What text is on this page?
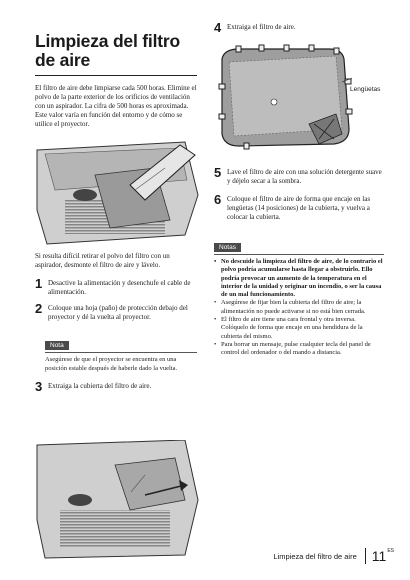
Limpieza del filtro de aire

El filtro de aire debe limpiarse cada 500 horas. Elimine el polvo de la parte exterior de los orificios de ventilación con un aspirador. La cifra de 500 horas es aproximada. Este valor varía en función del entorno y de cómo se utilice el proyector.

Si resulta difícil retirar el polvo del filtro con un aspirador, desmonte el filtro de aire y lávelo.

1 Desactive la alimentación y desenchufe el cable de alimentación.
2 Coloque una hoja (paño) de protección debajo del proyector y dé la vuelta al proyector.
Nota

Asegúrese de que el proyector se encuentra en una posición estable después de haberle dado la vuelta.

3 Extraiga la cubierta del filtro de aire.
4 Extraiga el filtro de aire.
Lengüetas
5 Lave el filtro de aire con una solución detergente suave y déjelo secar a la sombra.
6 Coloque el filtro de aire de forma que encaje en las lengüetas (14 posiciones) de la cubierta, y vuelva a colocar la cubierta.
Notas
• No descuide la limpieza del filtro de aire, de lo contrario el polvo podría acumularse hasta llegar a obstruirlo. Ello podría provocar un aumento de la temperatura en el interior de la unidad y originar un incendio, o ser la causa de un mal funcionamiento.
• Asegúrese de fijar bien la cubierta del filtro de aire; la alimentación no puede activarse si no está bien cerrada.
• El filtro de aire tiene una cara frontal y otra inversa. Colóquelo de forma que encaje en una hendidura de la cubierta del mismo.
• Para borrar un mensaje, pulse cualquier tecla del panel de control del ordenador o del mando a distancia.
Limpieza del filtro de aire	$11^{ES}$
